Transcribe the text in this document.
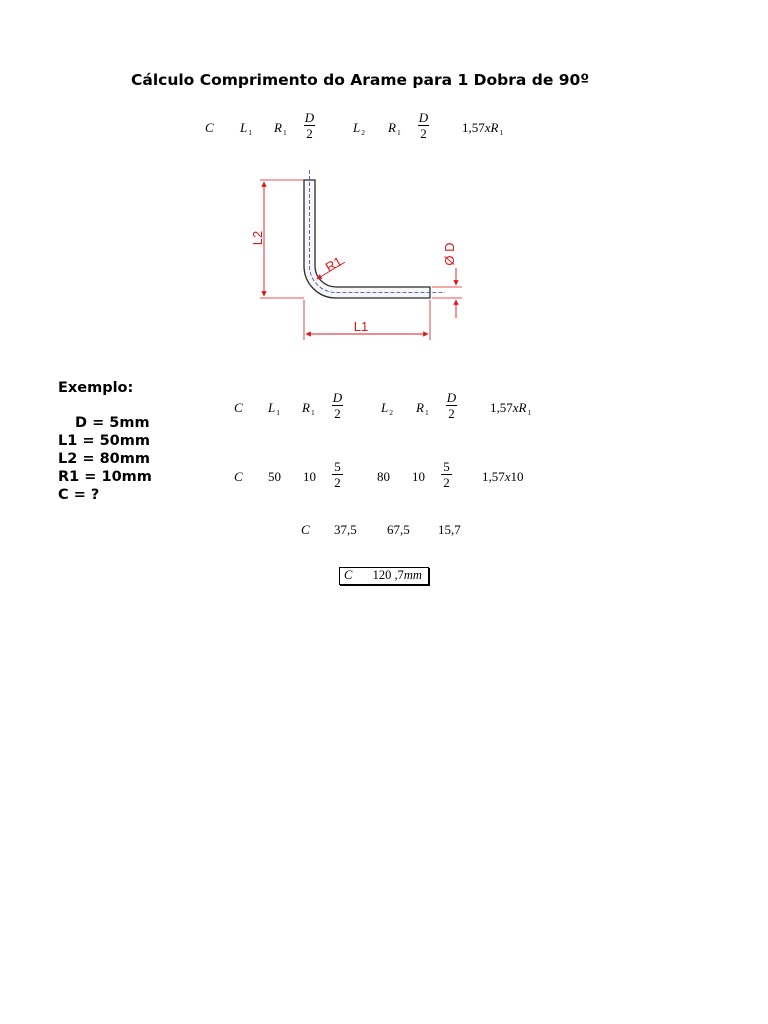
Cálculo Comprimento do Arame para 1 Dobra de 90º
C $L_1$ $R_1$
D
2	$L_2$ $R_1$
D
2	$1,57xR_1$
L2
L1
R1	Ø D
Exemplo:
D = 5mm
L1 = 50mm
L2 = 80mm
R1 = 10mm
C = ?
C $L_1$ $R_1$
D
2	$L_2$ $R_1$
D
2	$1,57xR_1$
C 50 10
5
2	80 10
5
2 1,57x10
C 37,5 67,5 15,7
C 120 ,7mm
